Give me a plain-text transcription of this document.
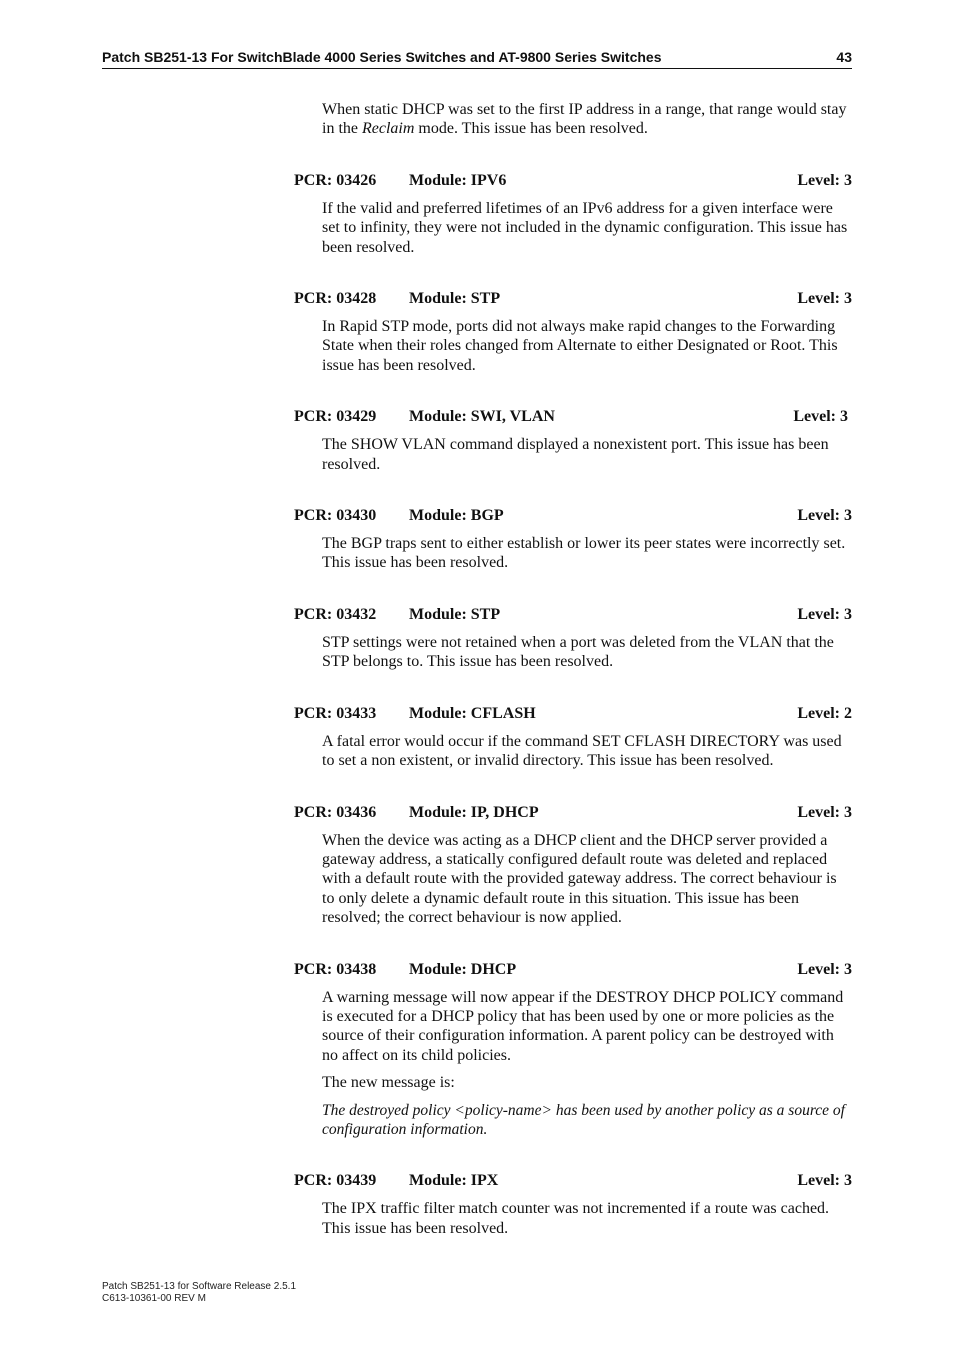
Patch SB251-13 For SwitchBlade 4000 Series Switches and AT-9800 Series Switches	43

When static DHCP was set to the first IP address in a range, that range would stay in the Reclaim mode. This issue has been resolved.

PCR: 03426 Module: IPV6	Level: 3

If the valid and preferred lifetimes of an IPv6 address for a given interface were set to infinity, they were not included in the dynamic configuration. This issue has been resolved.

PCR: 03428 Module: STP	Level: 3

In Rapid STP mode, ports did not always make rapid changes to the Forwarding State when their roles changed from Alternate to either Designated or Root. This issue has been resolved.

PCR: 03429 Module: SWI, VLAN	Level: 3

The SHOW VLAN command displayed a nonexistent port. This issue has been resolved.

PCR: 03430 Module: BGP	Level: 3

The BGP traps sent to either establish or lower its peer states were incorrectly set. This issue has been resolved.

PCR: 03432 Module: STP	Level: 3

STP settings were not retained when a port was deleted from the VLAN that the STP belongs to. This issue has been resolved.

PCR: 03433 Module: CFLASH	Level: 2

A fatal error would occur if the command SET CFLASH DIRECTORY was used to set a non existent, or invalid directory. This issue has been resolved.

PCR: 03436 Module: IP, DHCP	Level: 3

When the device was acting as a DHCP client and the DHCP server provided a gateway address, a statically configured default route was deleted and replaced with a default route with the provided gateway address. The correct behaviour is to only delete a dynamic default route in this situation. This issue has been resolved; the correct behaviour is now applied.

PCR: 03438 Module: DHCP	Level: 3

A warning message will now appear if the DESTROY DHCP POLICY command is executed for a DHCP policy that has been used by one or more policies as the source of their configuration information. A parent policy can be destroyed with no affect on its child policies.

The new message is:

The destroyed policy <policy-name> has been used by another policy as a source of configuration information.

PCR: 03439 Module: IPX	Level: 3

The IPX traffic filter match counter was not incremented if a route was cached. This issue has been resolved.

Patch SB251-13 for Software Release 2.5.1
C613-10361-00 REV M
